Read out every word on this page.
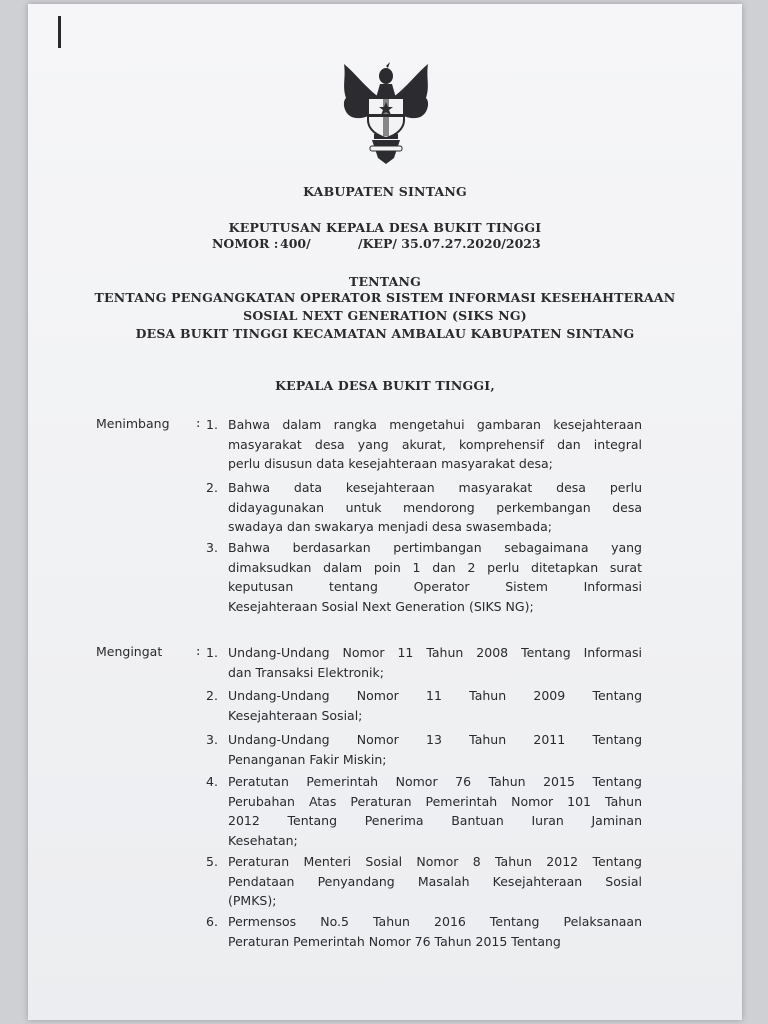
KABUPATEN SINTANG
KEPUTUSAN KEPALA DESA BUKIT TINGGI
NOMOR : 400/	/KEP/ 35.07.27.2020/2023
TENTANG
TENTANG PENGANGKATAN OPERATOR SISTEM INFORMASI KESEHAHTERAAN
SOSIAL NEXT GENERATION (SIKS NG)
DESA BUKIT TINGGI KECAMATAN AMBALAU KABUPATEN SINTANG
KEPALA DESA BUKIT TINGGI,
Menimbang : 1. Bahwa dalam rangka mengetahui gambaran kesejahteraan
masyarakat desa yang akurat, komprehensif dan integral
perlu disusun data kesejahteraan masyarakat desa;
2. Bahwa data kesejahteraan masyarakat desa perlu
didayagunakan untuk mendorong perkembangan desa
swadaya dan swakarya menjadi desa swasembada;
3. Bahwa berdasarkan pertimbangan sebagaimana yang
dimaksudkan dalam poin 1 dan 2 perlu ditetapkan surat
keputusan tentang Operator Sistem Informasi
Kesejahteraan Sosial Next Generation (SIKS NG);
Mengingat	: 1. Undang-Undang Nomor 11 Tahun 2008 Tentang Informasi
dan Transaksi Elektronik;
2. Undang-Undang Nomor 11 Tahun 2009 Tentang
Kesejahteraan Sosial;
3. Undang-Undang Nomor 13 Tahun 2011 Tentang
Penanganan Fakir Miskin;
4. Peratutan Pemerintah Nomor 76 Tahun 2015 Tentang
Perubahan Atas Peraturan Pemerintah Nomor 101 Tahun
2012 Tentang Penerima Bantuan Iuran Jaminan
Kesehatan;
5. Peraturan Menteri Sosial Nomor 8 Tahun 2012 Tentang
Pendataan Penyandang Masalah Kesejahteraan Sosial
(PMKS);
6. Permensos No.5 Tahun 2016 Tentang Pelaksanaan
Peraturan Pemerintah Nomor 76 Tahun 2015 Tentang
